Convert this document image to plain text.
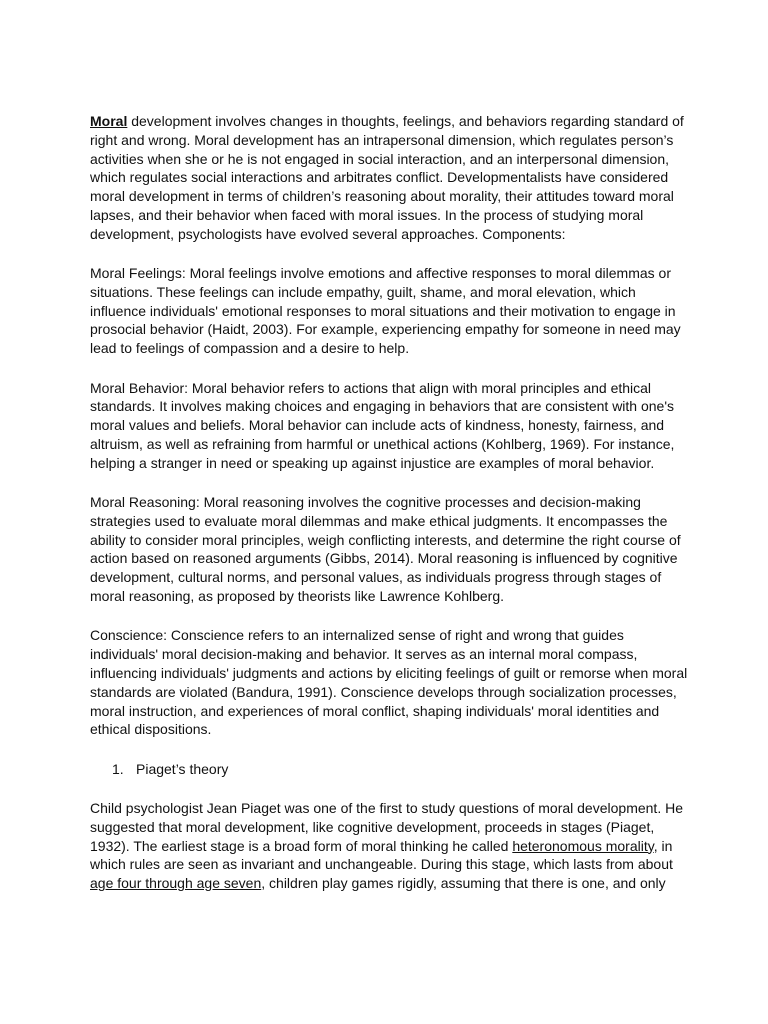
Moral development involves changes in thoughts, feelings, and behaviors regarding standard of right and wrong. Moral development has an intrapersonal dimension, which regulates person’s activities when she or he is not engaged in social interaction, and an interpersonal dimension, which regulates social interactions and arbitrates conflict. Developmentalists have considered moral development in terms of children’s reasoning about morality, their attitudes toward moral lapses, and their behavior when faced with moral issues. In the process of studying moral development, psychologists have evolved several approaches. Components:

Moral Feelings: Moral feelings involve emotions and affective responses to moral dilemmas or situations. These feelings can include empathy, guilt, shame, and moral elevation, which influence individuals' emotional responses to moral situations and their motivation to engage in prosocial behavior (Haidt, 2003). For example, experiencing empathy for someone in need may lead to feelings of compassion and a desire to help.

Moral Behavior: Moral behavior refers to actions that align with moral principles and ethical standards. It involves making choices and engaging in behaviors that are consistent with one's moral values and beliefs. Moral behavior can include acts of kindness, honesty, fairness, and altruism, as well as refraining from harmful or unethical actions (Kohlberg, 1969). For instance, helping a stranger in need or speaking up against injustice are examples of moral behavior.

Moral Reasoning: Moral reasoning involves the cognitive processes and decision-making strategies used to evaluate moral dilemmas and make ethical judgments. It encompasses the ability to consider moral principles, weigh conflicting interests, and determine the right course of action based on reasoned arguments (Gibbs, 2014). Moral reasoning is influenced by cognitive development, cultural norms, and personal values, as individuals progress through stages of moral reasoning, as proposed by theorists like Lawrence Kohlberg.

Conscience: Conscience refers to an internalized sense of right and wrong that guides individuals' moral decision-making and behavior. It serves as an internal moral compass, influencing individuals' judgments and actions by eliciting feelings of guilt or remorse when moral standards are violated (Bandura, 1991). Conscience develops through socialization processes, moral instruction, and experiences of moral conflict, shaping individuals' moral identities and ethical dispositions.

1. Piaget’s theory

Child psychologist Jean Piaget was one of the first to study questions of moral development. He suggested that moral development, like cognitive development, proceeds in stages (Piaget, 1932). The earliest stage is a broad form of moral thinking he called heteronomous morality, in which rules are seen as invariant and unchangeable. During this stage, which lasts from about age four through age seven, children play games rigidly, assuming that there is one, and only
